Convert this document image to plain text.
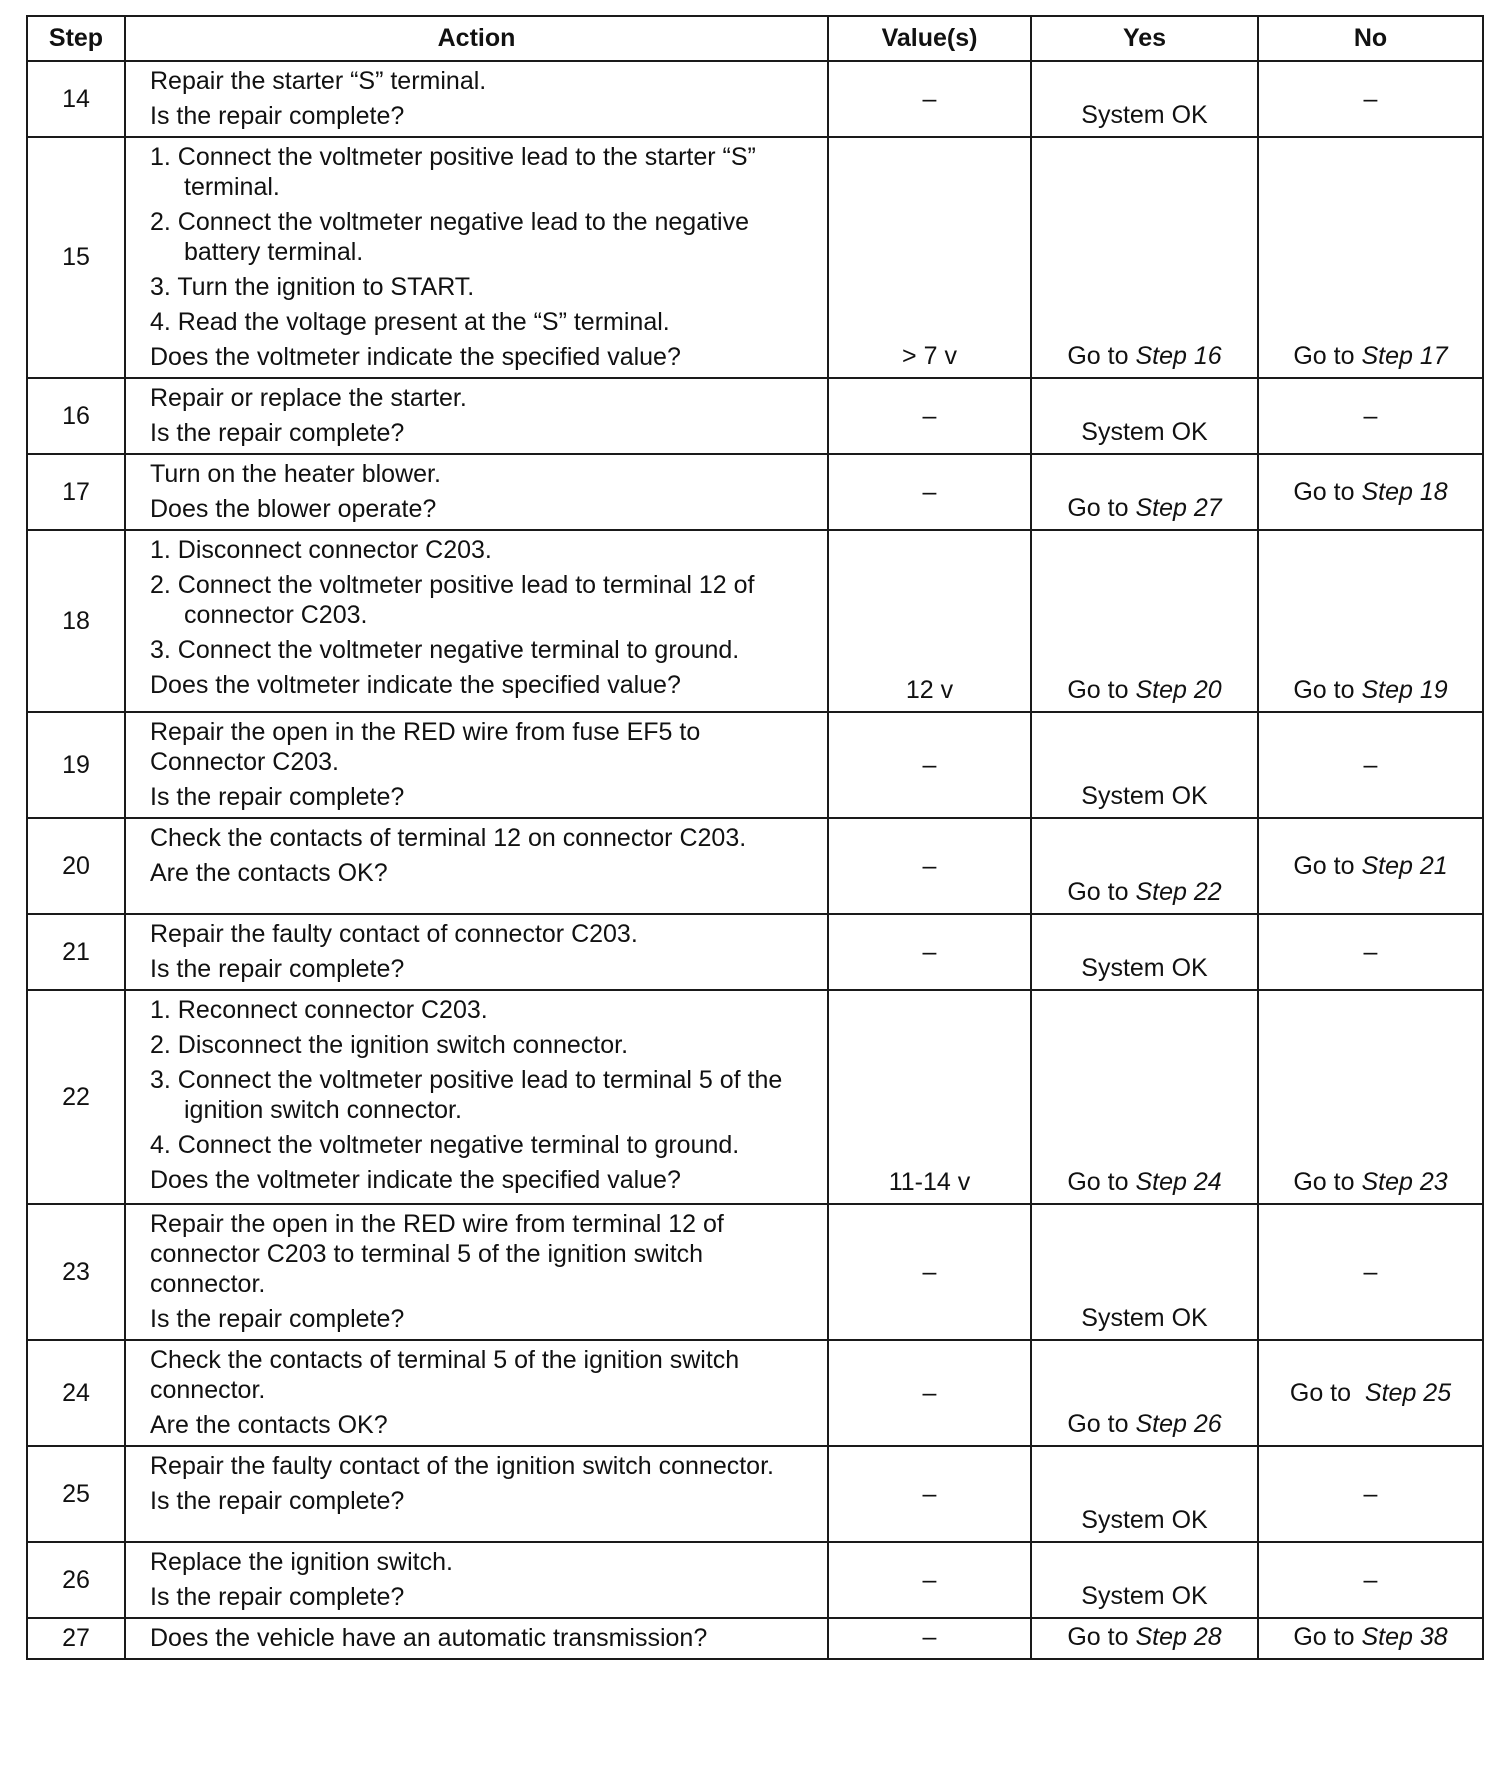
Step	Action	Value(s)	Yes	No
14	Repair the starter “S” terminal.
Is the repair complete?	–	System OK	–
15	1. Connect the voltmeter positive lead to the starter “S” terminal.
2. Connect the voltmeter negative lead to the negative battery terminal.
3. Turn the ignition to START.
4. Read the voltage present at the “S” terminal.
Does the voltmeter indicate the specified value?	> 7 v	Go to Step 16	Go to Step 17
16	Repair or replace the starter.
Is the repair complete?	–	System OK	–
17	Turn on the heater blower.
Does the blower operate?	–	Go to Step 27	Go to Step 18
18	1. Disconnect connector C203.
2. Connect the voltmeter positive lead to terminal 12 of connector C203.
3. Connect the voltmeter negative terminal to ground.
Does the voltmeter indicate the specified value?	12 v	Go to Step 20	Go to Step 19
19	Repair the open in the RED wire from fuse EF5 to Connector C203.
Is the repair complete?	–	System OK	–
20	Check the contacts of terminal 12 on connector C203.
Are the contacts OK?	–	Go to Step 22	Go to Step 21
21	Repair the faulty contact of connector C203.
Is the repair complete?	–	System OK	–
22	1. Reconnect connector C203.
2. Disconnect the ignition switch connector.
3. Connect the voltmeter positive lead to terminal 5 of the ignition switch connector.
4. Connect the voltmeter negative terminal to ground.
Does the voltmeter indicate the specified value?	11-14 v	Go to Step 24	Go to Step 23
23	Repair the open in the RED wire from terminal 12 of connector C203 to terminal 5 of the ignition switch connector.
Is the repair complete?	–	System OK	–
24	Check the contacts of terminal 5 of the ignition switch connector.
Are the contacts OK?	–	Go to Step 26	Go to  Step 25
25	Repair the faulty contact of the ignition switch connector.
Is the repair complete?	–	System OK	–
26	Replace the ignition switch.
Is the repair complete?	–	System OK	–
27	Does the vehicle have an automatic transmission?	–	Go to Step 28	Go to Step 38
